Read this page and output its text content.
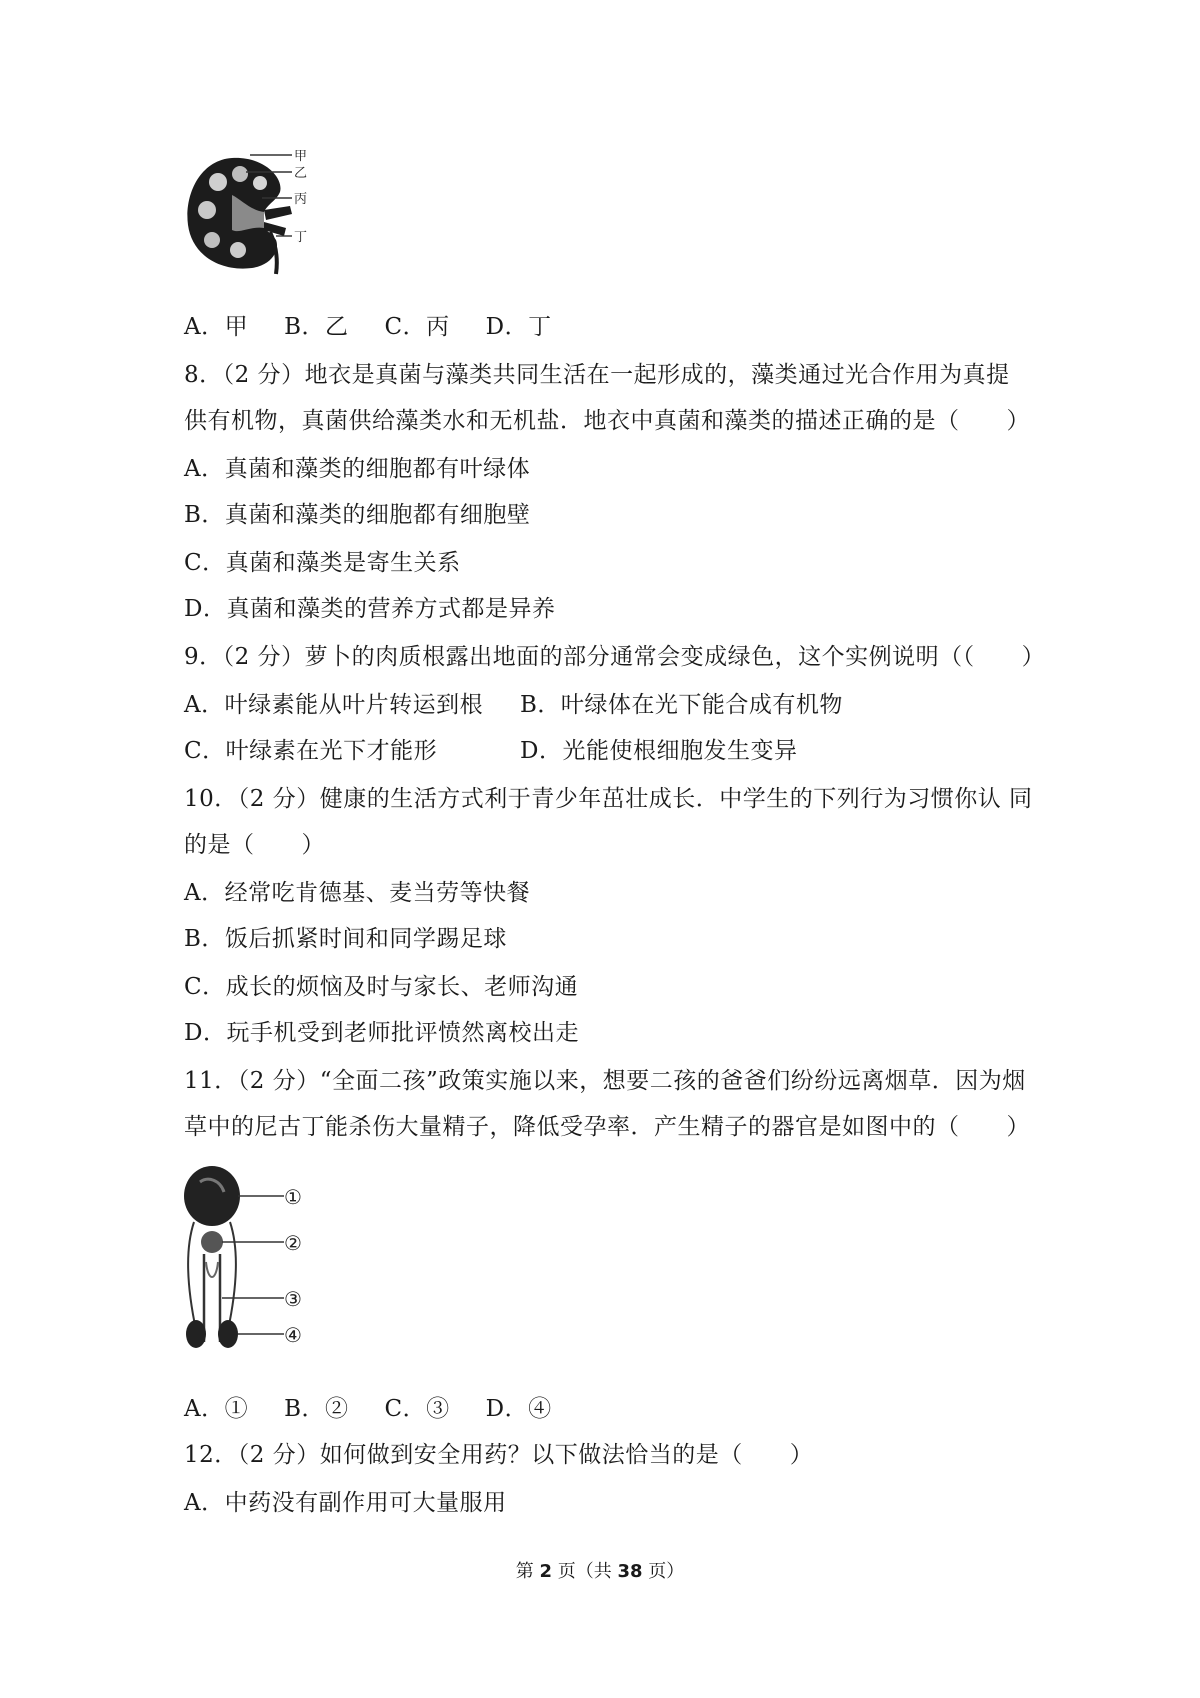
甲
乙
丙
丁
A．甲 B．乙 C．丙 D．丁
8．（2 分）地衣是真菌与藻类共同生活在一起形成的，藻类通过光合作用为真提
供有机物，真菌供给藻类水和无机盐．地衣中真菌和藻类的描述正确的是（　　）
A．真菌和藻类的细胞都有叶绿体
B．真菌和藻类的细胞都有细胞壁
C．真菌和藻类是寄生关系
D．真菌和藻类的营养方式都是异养
9．（2 分）萝卜的肉质根露出地面的部分通常会变成绿色，这个实例说明（（　　）
A．叶绿素能从叶片转运到根 B．叶绿体在光下能合成有机物
C．叶绿素在光下才能形	D．光能使根细胞发生变异
10．（2 分）健康的生活方式利于青少年茁壮成长．中学生的下列行为习惯你认 同
的是（　　）
A．经常吃肯德基、麦当劳等快餐
B．饭后抓紧时间和同学踢足球
C．成长的烦恼及时与家长、老师沟通
D．玩手机受到老师批评愤然离校出走
11．（2 分）“全面二孩”政策实施以来，想要二孩的爸爸们纷纷远离烟草．因为烟
草中的尼古丁能杀伤大量精子，降低受孕率．产生精子的器官是如图中的（　　）
①
②
③
④
A．① B．② C．③ D．④
12．（2 分）如何做到安全用药？以下做法恰当的是（　　）
A．中药没有副作用可大量服用
第 2 页（共 38 页）
